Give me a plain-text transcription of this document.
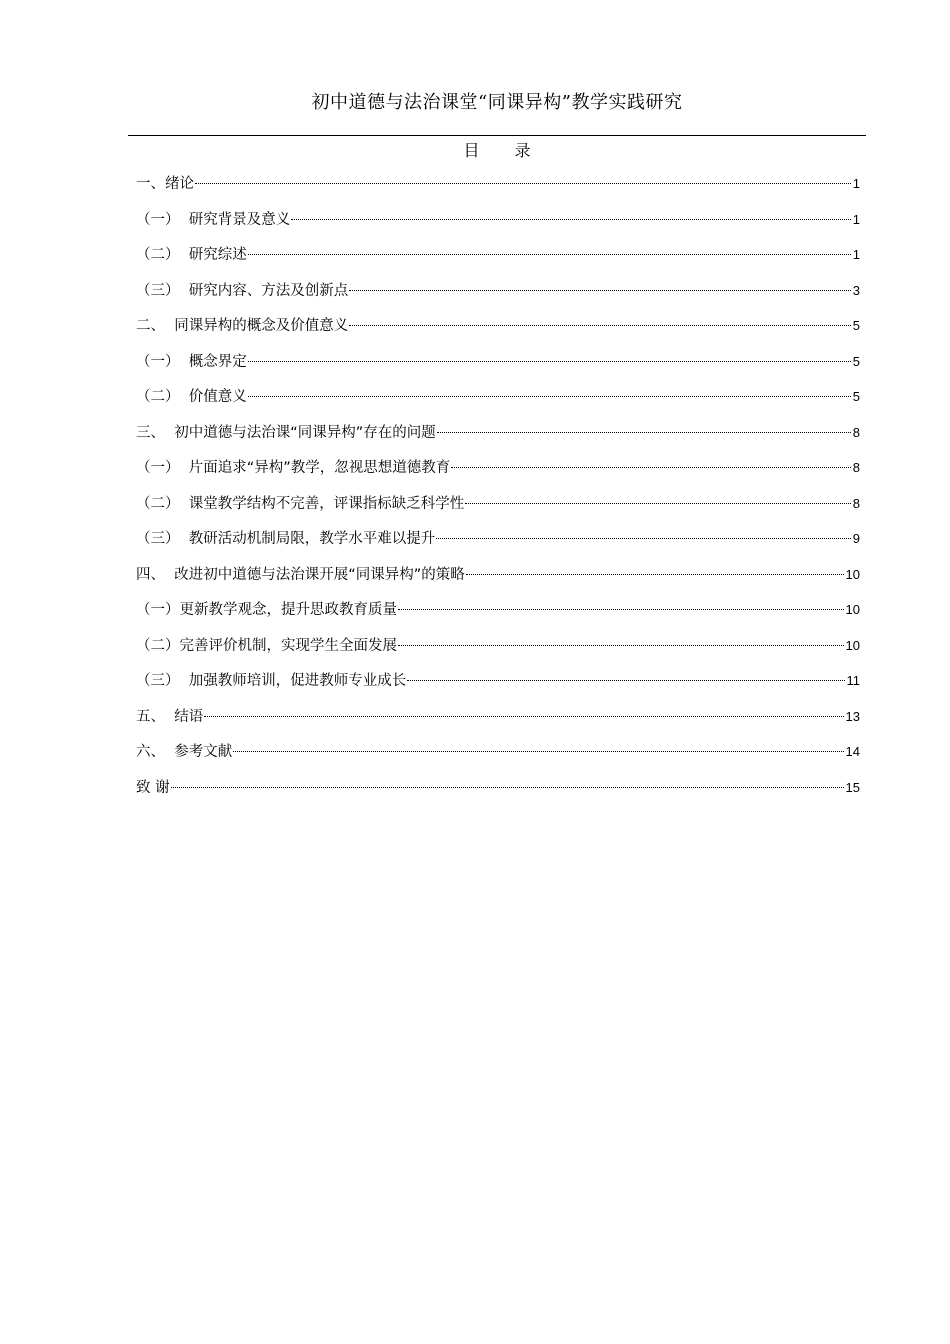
初中道德与法治课堂“同课异构”教学实践研究
目 录
一、绪论	1
（一）  研究背景及意义	1
（二）  研究综述	1
（三）  研究内容、方法及创新点	3
二、  同课异构的概念及价值意义	5
（一）  概念界定	5
（二）  价值意义	5
三、  初中道德与法治课“同课异构”存在的问题	8
（一）  片面追求“异构”教学，忽视思想道德教育	8
（二）  课堂教学结构不完善，评课指标缺乏科学性	8
（三）  教研活动机制局限，教学水平难以提升	9
四、  改进初中道德与法治课开展“同课异构”的策略	10
（一）更新教学观念，提升思政教育质量	10
（二）完善评价机制，实现学生全面发展	10
（三）  加强教师培训，促进教师专业成长	11
五、  结语	13
六、  参考文献	14
致 谢	15
